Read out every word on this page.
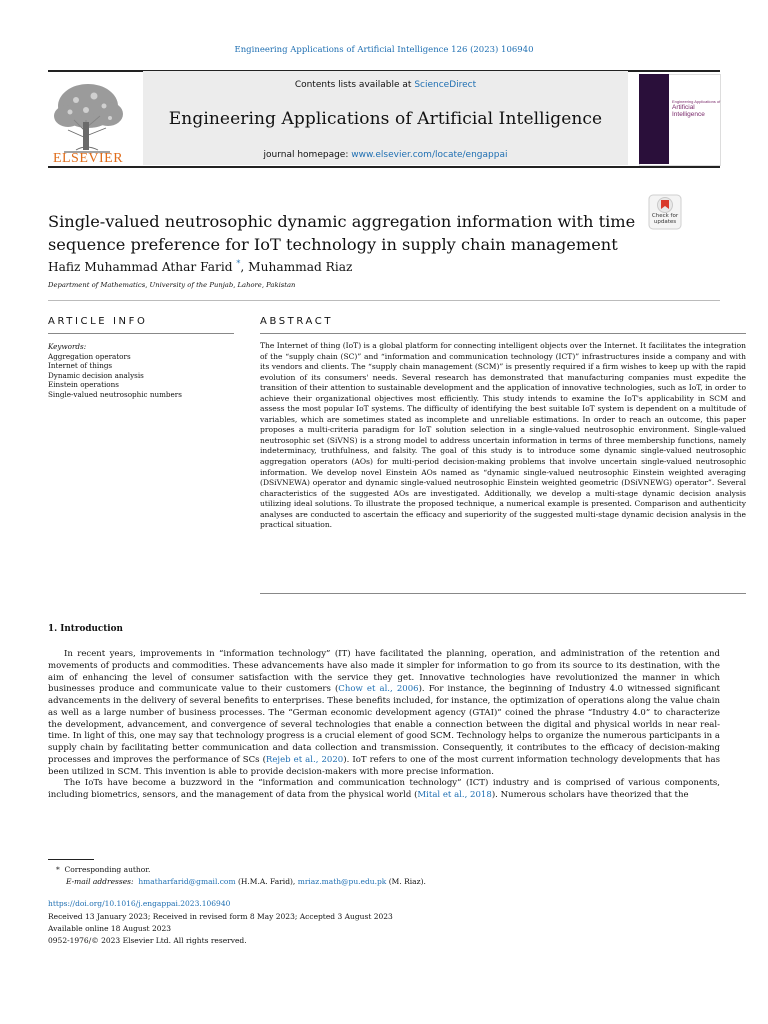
Engineering Applications of Artificial Intelligence 126 (2023) 106940
ELSEVIER
Contents lists available at ScienceDirect
Engineering Applications of Artificial Intelligence
journal homepage: www.elsevier.com/locate/engappai
Engineering Applications of
Artificial
Intelligence
Check for updates
Single-valued neutrosophic dynamic aggregation information with time sequence preference for IoT technology in supply chain management
Hafiz Muhammad Athar Farid *, Muhammad Riaz
Department of Mathematics, University of the Punjab, Lahore, Pakistan
ARTICLE INFO
Keywords:
Aggregation operators
Internet of things
Dynamic decision analysis
Einstein operations
Single-valued neutrosophic numbers
ABSTRACT
The Internet of thing (IoT) is a global platform for connecting intelligent objects over the Internet. It facilitates the integration of the “supply chain (SC)” and “information and communication technology (ICT)” infrastructures inside a company and with its vendors and clients. The “supply chain management (SCM)” is presently required if a firm wishes to keep up with the rapid evolution of its consumers' needs. Several research has demonstrated that manufacturing companies must expedite the transition of their attention to sustainable development and the application of innovative technologies, such as IoT, in order to achieve their organizational objectives most efficiently. This study intends to examine the IoT's applicability in SCM and assess the most popular IoT systems. The difficulty of identifying the best suitable IoT system is dependent on a multitude of variables, which are sometimes stated as incomplete and unreliable estimations. In order to reach an outcome, this paper proposes a multi-criteria paradigm for IoT solution selection in a single-valued neutrosophic environment. Single-valued neutrosophic set (SiVNS) is a strong model to address uncertain information in terms of three membership functions, namely indeterminacy, truthfulness, and falsity. The goal of this study is to introduce some dynamic single-valued neutrosophic aggregation operators (AOs) for multi-period decision-making problems that involve uncertain single-valued neutrosophic information. We develop novel Einstein AOs named as “dynamic single-valued neutrosophic Einstein weighted averaging (DSiVNEWA) operator and dynamic single-valued neutrosophic Einstein weighted geometric (DSiVNEWG) operator”. Several characteristics of the suggested AOs are investigated. Additionally, we develop a multi-stage dynamic decision analysis utilizing ideal solutions. To illustrate the proposed technique, a numerical example is presented. Comparison and authenticity analyses are conducted to ascertain the efficacy and superiority of the suggested multi-stage dynamic decision analysis in the practical situation.
1. Introduction

In recent years, improvements in “information technology” (IT) have facilitated the planning, operation, and administration of the retention and movements of products and commodities. These advancements have also made it simpler for information to go from its source to its destination, with the aim of enhancing the level of consumer satisfaction with the service they get. Innovative technologies have revolutionized the manner in which businesses produce and communicate value to their customers (Chow et al., 2006). For instance, the beginning of Industry 4.0 witnessed significant advancements in the delivery of several benefits to enterprises. These benefits included, for instance, the optimization of operations along the value chain as well as a large number of business processes. The “German economic development agency (GTAI)” coined the phrase “Industry 4.0” to characterize the development, advancement, and convergence of several technologies that enable a connection between the digital and physical worlds in near real-time. In light of this, one may say that technology progress is a crucial element of good SCM. Technology helps to organize the numerous participants in a supply chain by facilitating better communication and data collection and transmission. Consequently, it contributes to the efficacy of decision-making processes and improves the performance of SCs (Rejeb et al., 2020). IoT refers to one of the most current information technology developments that has been utilized in SCM. This invention is able to provide decision-makers with more precise information.

The IoTs have become a buzzword in the “information and communication technology” (ICT) industry and is comprised of various components, including biometrics, sensors, and the management of data from the physical world (Mital et al., 2018). Numerous scholars have theorized that the

* Corresponding author.
E-mail addresses: hmatharfarid@gmail.com (H.M.A. Farid), mriaz.math@pu.edu.pk (M. Riaz).
https://doi.org/10.1016/j.engappai.2023.106940
Received 13 January 2023; Received in revised form 8 May 2023; Accepted 3 August 2023
Available online 18 August 2023
0952-1976/© 2023 Elsevier Ltd. All rights reserved.
